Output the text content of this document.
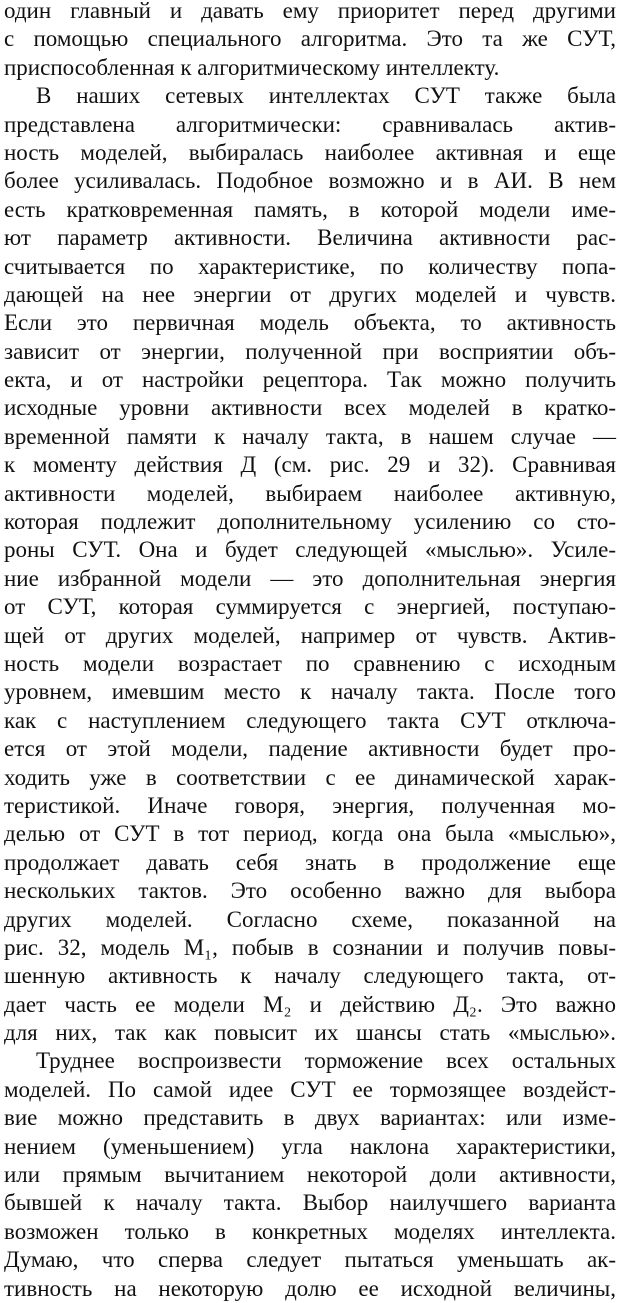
один главный и давать ему приоритет перед другими
с помощью специального алгоритма. Это та же СУТ,
приспособленная к алгоритмическому интеллекту.
В наших сетевых интеллектах СУТ также была
представлена алгоритмически: сравнивалась актив-
ность моделей, выбиралась наиболее активная и еще
более усиливалась. Подобное возможно и в АИ. В нем
есть кратковременная память, в которой модели име-
ют параметр активности. Величина активности рас-
считывается по характеристике, по количеству попа-
дающей на нее энергии от других моделей и чувств.
Если это первичная модель объекта, то активность
зависит от энергии, полученной при восприятии объ-
екта, и от настройки рецептора. Так можно получить
исходные уровни активности всех моделей в кратко-
временной памяти к началу такта, в нашем случае —
к моменту действия Д (см. рис. 29 и 32). Сравнивая
активности моделей, выбираем наиболее активную,
которая подлежит дополнительному усилению со сто-
роны СУТ. Она и будет следующей «мыслью». Усиле-
ние избранной модели — это дополнительная энергия
от СУТ, которая суммируется с энергией, поступаю-
щей от других моделей, например от чувств. Актив-
ность модели возрастает по сравнению с исходным
уровнем, имевшим место к началу такта. После того
как с наступлением следующего такта СУТ отключа-
ется от этой модели, падение активности будет про-
ходить уже в соответствии с ее динамической харак-
теристикой. Иначе говоря, энергия, полученная мо-
делью от СУТ в тот период, когда она была «мыслью»,
продолжает давать себя знать в продолжение еще
нескольких тактов. Это особенно важно для выбора
других моделей. Согласно схеме, показанной на
рис. 32, модель M₁, побыв в сознании и получив повы-
шенную активность к началу следующего такта, от-
дает часть ее модели M₂ и действию Д₂. Это важно
для них, так как повысит их шансы стать «мыслью».
Труднее воспроизвести торможение всех остальных
моделей. По самой идее СУТ ее тормозящее воздейст-
вие можно представить в двух вариантах: или изме-
нением (уменьшением) угла наклона характеристики,
или прямым вычитанием некоторой доли активности,
бывшей к началу такта. Выбор наилучшего варианта
возможен только в конкретных моделях интеллекта.
Думаю, что сперва следует пытаться уменьшать ак-
тивность на некоторую долю ее исходной величины,
